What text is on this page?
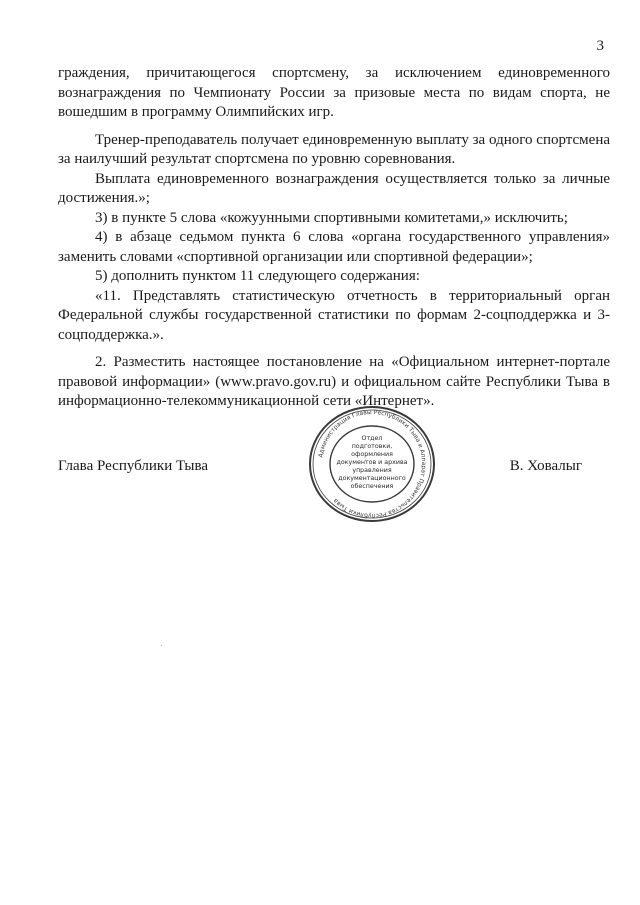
3

граждения, причитающегося спортсмену, за исключением единовременного вознаграждения по Чемпионату России за призовые места по видам спорта, не вошедшим в программу Олимпийских игр.

Тренер-преподаватель получает единовременную выплату за одного спортсмена за наилучший результат спортсмена по уровню соревнования.

Выплата единовременного вознаграждения осуществляется только за личные достижения.»;

3) в пункте 5 слова «кожуунными спортивными комитетами,» исключить;

4) в абзаце седьмом пункта 6 слова «органа государственного управления» заменить словами «спортивной организации или спортивной федерации»;

5) дополнить пунктом 11 следующего содержания:

«11. Представлять статистическую отчетность в территориальный орган Федеральной службы государственной статистики по формам 2-соцподдержка и 3-соцподдержка.».

2. Разместить настоящее постановление на «Официальном интернет-портале правовой информации» (www.pravo.gov.ru) и официальном сайте Республики Тыва в информационно-телекоммуникационной сети «Интернет».

Глава Республики Тыва	В. Ховалыг
Администрация Главы Республики Тыва и Аппарат Правительства Республики Тыва
Отдел
подготовки,
оформления
документов и архива
управления
документационного
обеспечения
